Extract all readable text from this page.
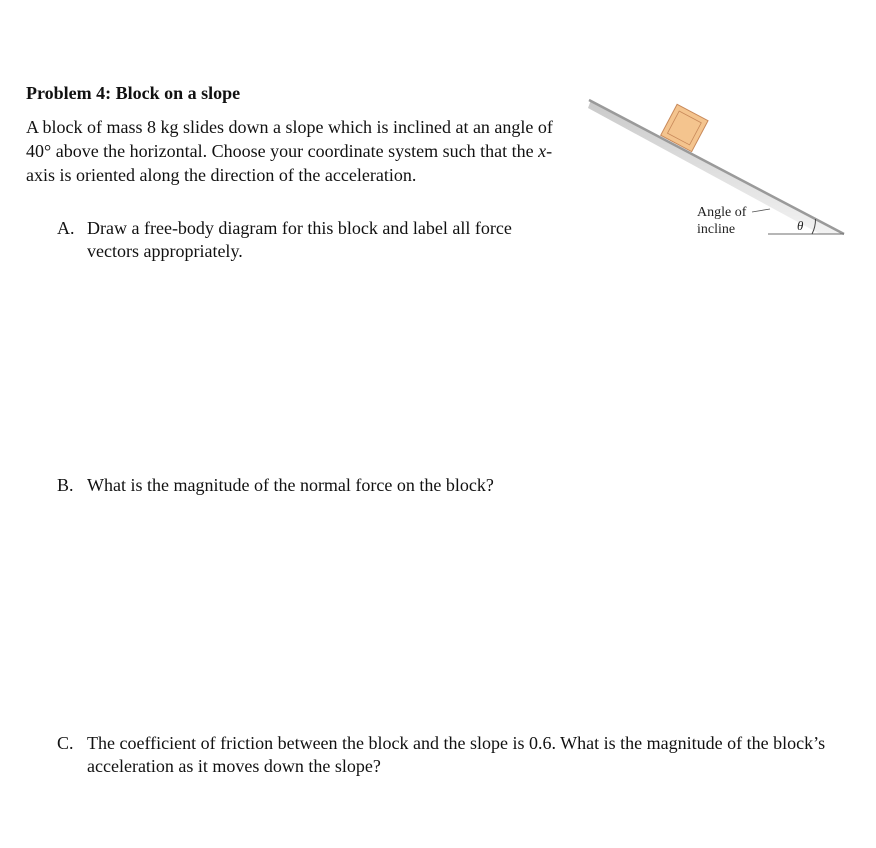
Problem 4: Block on a slope

A block of mass 8 kg slides down a slope which is inclined at an angle of 40° above the horizontal. Choose your coordinate system such that the x-axis is oriented along the direction of the acceleration.

A. Draw a free-body diagram for this block and label all force vectors appropriately.
B. What is the magnitude of the normal force on the block?
C. The coefficient of friction between the block and the slope is 0.6. What is the magnitude of the block’s acceleration as it moves down the slope?
Angle of
incline	θ
